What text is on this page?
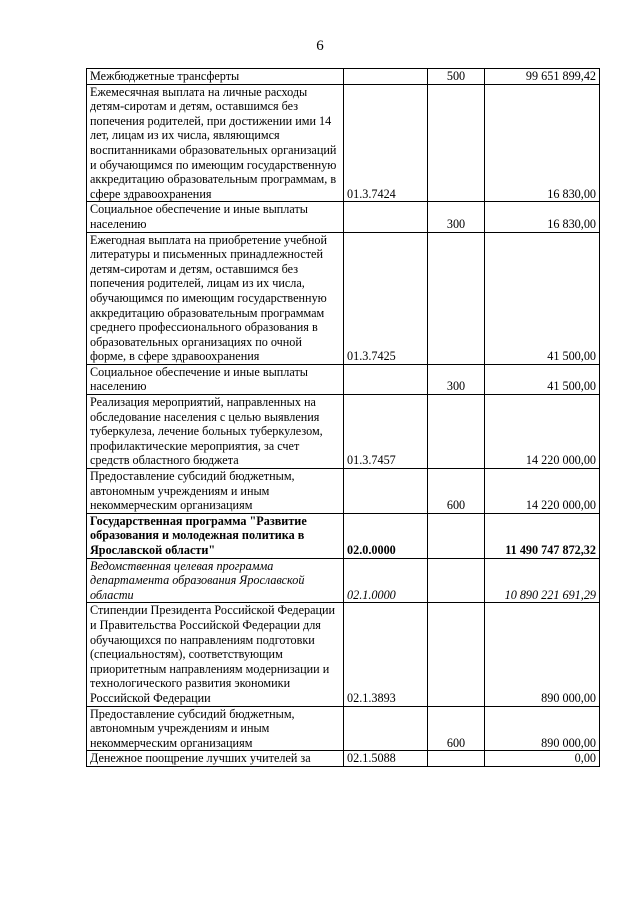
6
Межбюджетные трансферты		500	99 651 899,42
Ежемесячная выплата на личные расходы детям-сиротам и детям, оставшимся без попечения родителей, при достижении ими 14 лет, лицам из их числа, являющимся воспитанниками образовательных организаций и обучающимся по имеющим государственную аккредитацию образовательным программам, в сфере здравоохранения	01.3.7424		16 830,00
Социальное обеспечение и иные выплаты населению		300	16 830,00
Ежегодная выплата на приобретение учебной литературы и письменных принадлежностей детям-сиротам и детям, оставшимся без попечения родителей, лицам из их числа, обучающимся по имеющим государственную аккредитацию образовательным программам среднего профессионального образования в образовательных организациях по очной форме, в сфере здравоохранения	01.3.7425		41 500,00
Социальное обеспечение и иные выплаты населению		300	41 500,00
Реализация мероприятий, направленных на обследование населения с целью выявления туберкулеза, лечение больных туберкулезом, профилактические мероприятия, за счет средств областного бюджета	01.3.7457		14 220 000,00
Предоставление субсидий бюджетным, автономным учреждениям и иным некоммерческим организациям		600	14 220 000,00
Государственная программа "Развитие образования и молодежная политика в Ярославской области"	02.0.0000		11 490 747 872,32
Ведомственная целевая программа департамента образования Ярославской области	02.1.0000		10 890 221 691,29
Стипендии Президента Российской Федерации и Правительства Российской Федерации для обучающихся по направлениям подготовки (специальностям), соответствующим приоритетным направлениям модернизации и технологического развития экономики Российской Федерации	02.1.3893		890 000,00
Предоставление субсидий бюджетным, автономным учреждениям и иным некоммерческим организациям		600	890 000,00
Денежное поощрение лучших учителей за	02.1.5088		0,00
